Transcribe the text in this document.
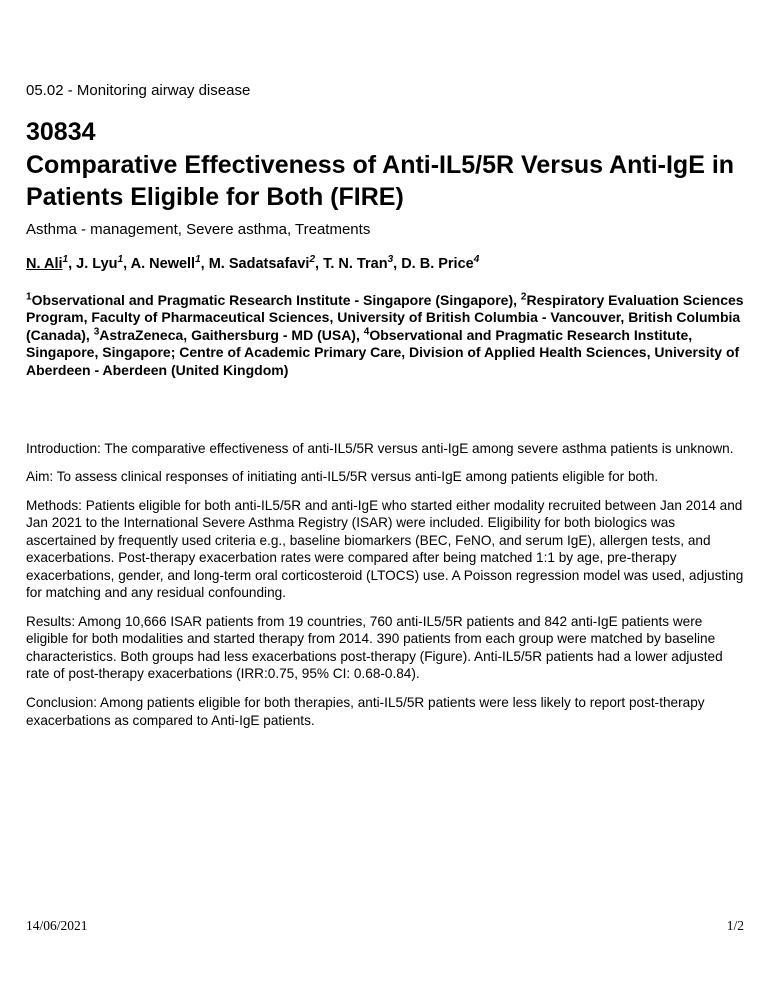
05.02 - Monitoring airway disease
30834
Comparative Effectiveness of Anti-IL5/5R Versus Anti-IgE in Patients Eligible for Both (FIRE)
Asthma - management, Severe asthma, Treatments
N. Ali$^1$, J. Lyu$^1$, A. Newell$^1$, M. Sadatsafavi$^2$, T. N. Tran$^3$, D. B. Price$^4$
$^1$Observational and Pragmatic Research Institute - Singapore (Singapore), $^2$Respiratory Evaluation Sciences Program, Faculty of Pharmaceutical Sciences, University of British Columbia - Vancouver, British Columbia (Canada), $^3$AstraZeneca, Gaithersburg - MD (USA), $^4$Observational and Pragmatic Research Institute, Singapore, Singapore; Centre of Academic Primary Care, Division of Applied Health Sciences, University of Aberdeen - Aberdeen (United Kingdom)

Introduction: The comparative effectiveness of anti-IL5/5R versus anti-IgE among severe asthma patients is unknown.

Aim: To assess clinical responses of initiating anti-IL5/5R versus anti-IgE among patients eligible for both.

Methods: Patients eligible for both anti-IL5/5R and anti-IgE who started either modality recruited between Jan 2014 and Jan 2021 to the International Severe Asthma Registry (ISAR) were included. Eligibility for both biologics was ascertained by frequently used criteria e.g., baseline biomarkers (BEC, FeNO, and serum IgE), allergen tests, and exacerbations. Post-therapy exacerbation rates were compared after being matched 1:1 by age, pre-therapy exacerbations, gender, and long-term oral corticosteroid (LTOCS) use. A Poisson regression model was used, adjusting for matching and any residual confounding.

Results: Among 10,666 ISAR patients from 19 countries, 760 anti-IL5/5R patients and 842 anti-IgE patients were eligible for both modalities and started therapy from 2014. 390 patients from each group were matched by baseline characteristics. Both groups had less exacerbations post-therapy (Figure). Anti-IL5/5R patients had a lower adjusted rate of post-therapy exacerbations (IRR:0.75, 95% CI: 0.68-0.84).

Conclusion: Among patients eligible for both therapies, anti-IL5/5R patients were less likely to report post-therapy exacerbations as compared to Anti-IgE patients.

14/06/2021	1/2
